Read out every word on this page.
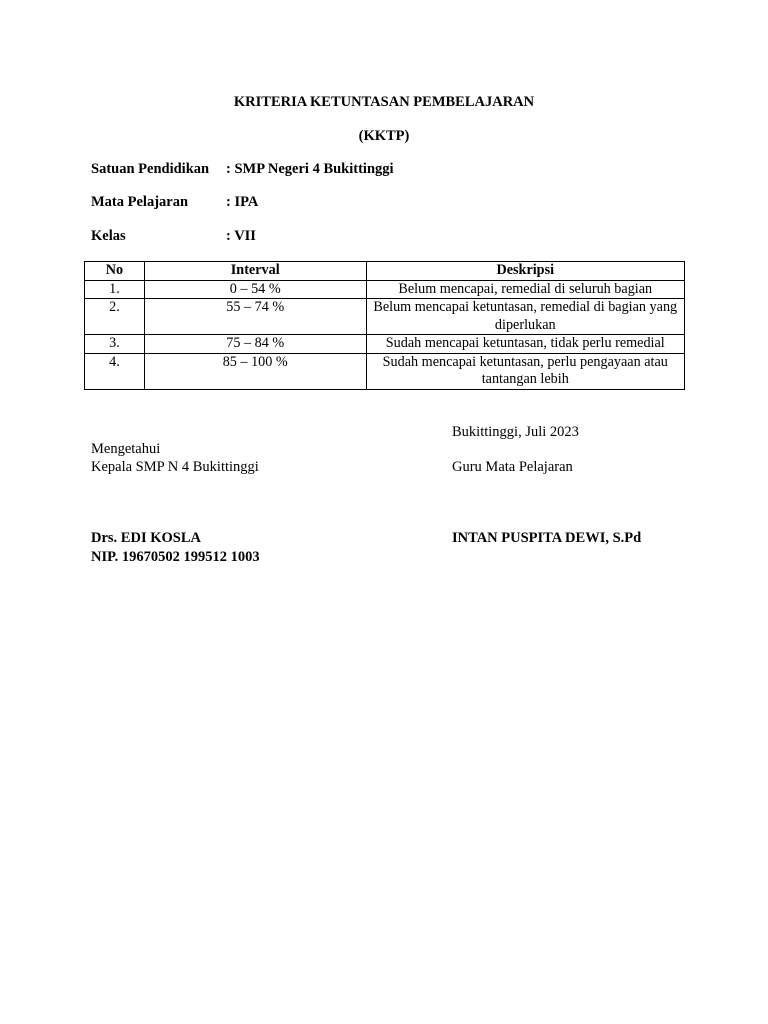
KRITERIA KETUNTASAN PEMBELAJARAN
(KKTP)
Satuan Pendidikan : SMP Negeri 4 Bukittinggi
Mata Pelajaran	: IPA
Kelas	: VII
No	Interval	Deskripsi
1.	0 – 54 %	Belum mencapai, remedial di seluruh bagian
2.	55 – 74 %	Belum mencapai ketuntasan, remedial di bagian yang diperlukan
3.	75 – 84 %	Sudah mencapai ketuntasan, tidak perlu remedial
4.	85 – 100 %	Sudah mencapai ketuntasan, perlu pengayaan atau tantangan lebih
Bukittinggi, Juli 2023
Mengetahui
Kepala SMP N 4 Bukittinggi	Guru Mata Pelajaran
Drs. EDI KOSLA	INTAN PUSPITA DEWI, S.Pd
NIP. 19670502 199512 1003
